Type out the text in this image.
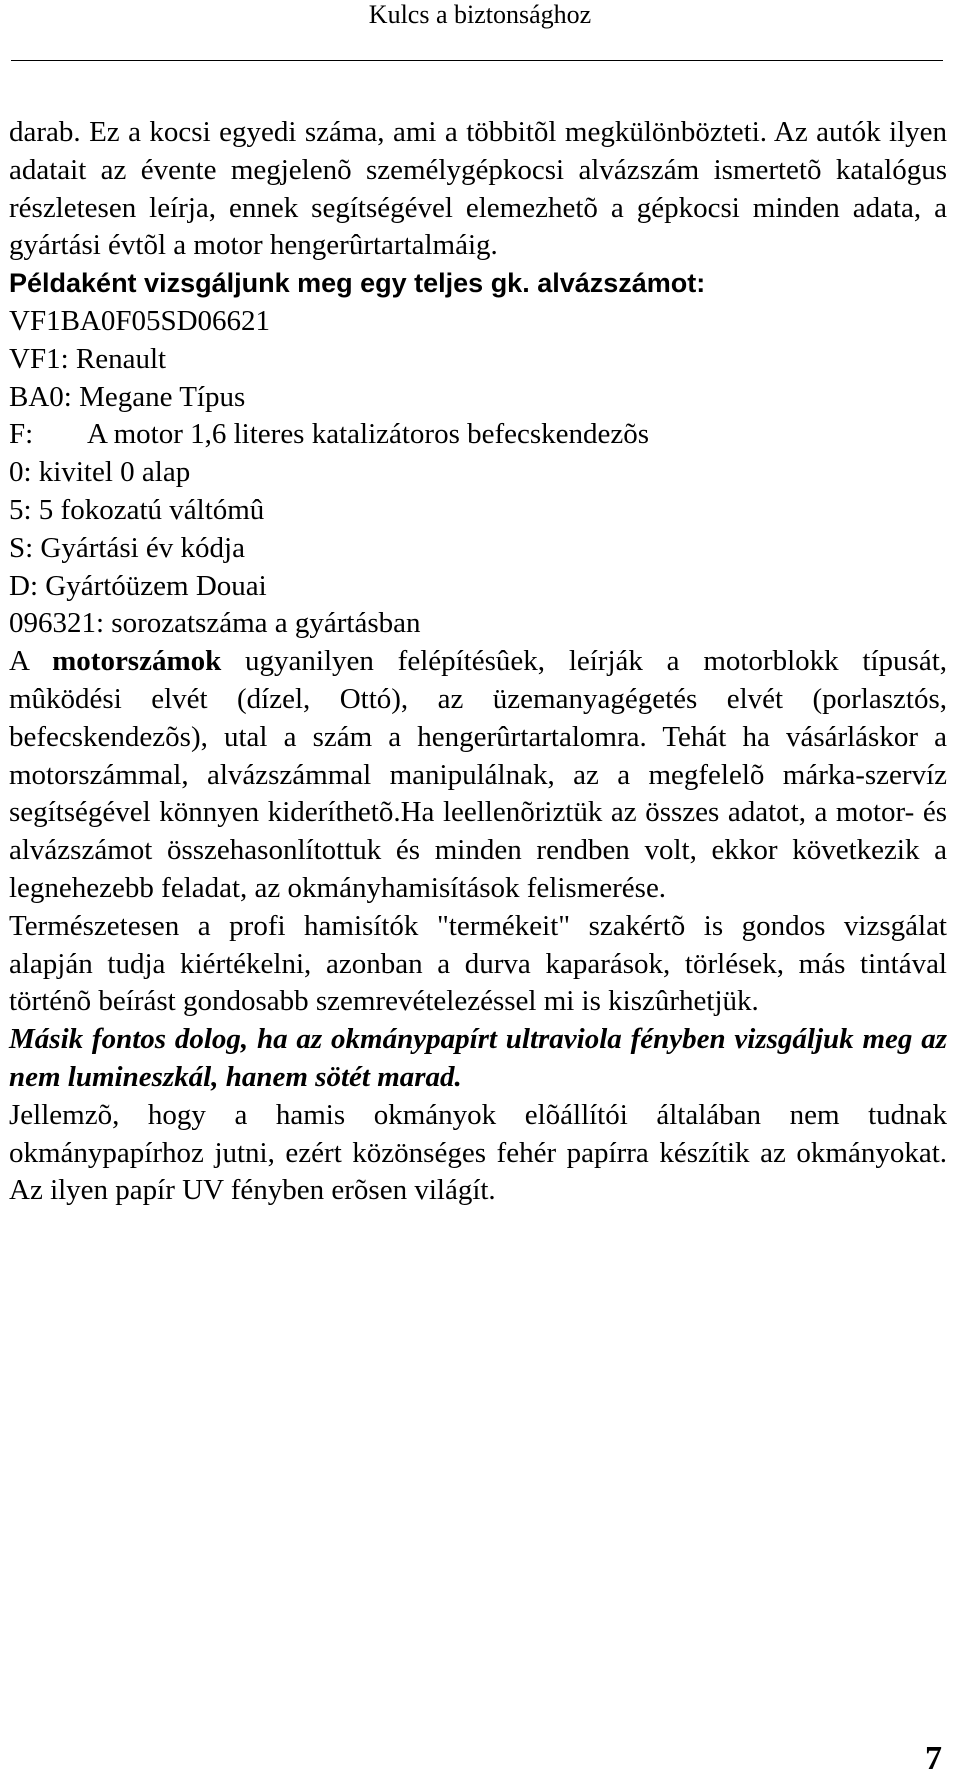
Kulcs a biztonsághoz

darab. Ez a kocsi egyedi száma, ami a többitõl megkülönbözteti. Az autók ilyen adatait az évente megjelenõ személygépkocsi alvázszám ismertetõ katalógus részletesen leírja, ennek segítségével elemezhetõ a gépkocsi minden adata, a gyártási évtõl a motor hengerûrtartalmáig.

Példaként vizsgáljunk meg egy teljes gk. alvázszámot:

VF1BA0F05SD06621

VF1: Renault

BA0: Megane Típus

F: A motor 1,6 literes katalizátoros befecskendezõs

0: kivitel 0 alap

5: 5 fokozatú váltómû

S: Gyártási év kódja

D: Gyártóüzem Douai

096321: sorozatszáma a gyártásban

A motorszámok ugyanilyen felépítésûek, leírják a motorblokk típusát, mûködési elvét (dízel, Ottó), az üzemanyagégetés elvét (porlasztós, befecskendezõs), utal a szám a hengerûrtartalomra. Tehát ha vásárláskor a motorszámmal, alvázszámmal manipulálnak, az a megfelelõ márka-szervíz segítségével könnyen kideríthetõ.Ha leellenõriztük az összes adatot, a motor- és alvázszámot összehasonlítottuk és minden rendben volt, ekkor következik a legnehezebb feladat, az okmányhamisítások felismerése.

Természetesen a profi hamisítók "termékeit" szakértõ is gondos vizsgálat alapján tudja kiértékelni, azonban a durva kaparások, törlések, más tintával történõ beírást gondosabb szemrevételezéssel mi is kiszûrhetjük.

Másik fontos dolog, ha az okmánypapírt ultraviola fényben vizsgáljuk meg az nem lumineszkál, hanem sötét marad.

Jellemzõ, hogy a hamis okmányok elõállítói általában nem tudnak okmánypapírhoz jutni, ezért közönséges fehér papírra készítik az okmányokat. Az ilyen papír UV fényben erõsen világít.

7
